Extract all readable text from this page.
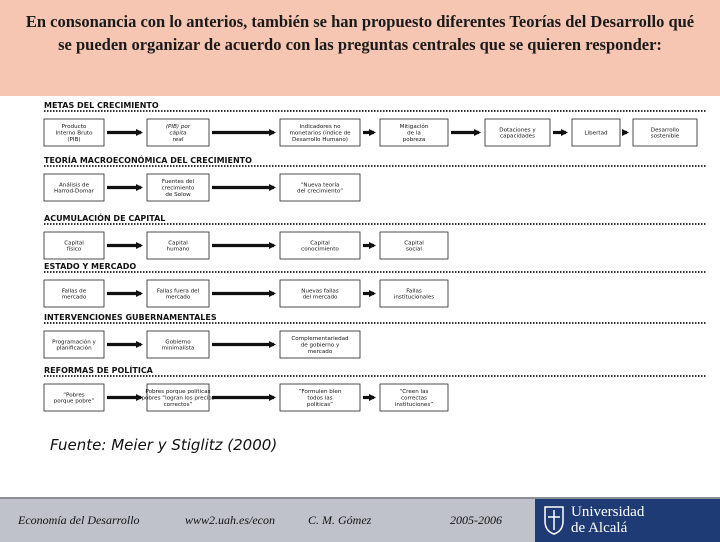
En consonancia con lo anterios, también se han propuesto diferentes Teorías del Desarrollo qué se pueden organizar de acuerdo con las preguntas centrales que se quieren responder:
METAS DEL CRECIMIENTO
Producto Interno Bruto (PIB)
(PIB) por cápita real
Indicadores no monetarios (índice de Desarrollo Humano)
Mitigación de la pobreza
Dotaciones y capacidades
Libertad
Desarrollo sostenible
TEORÍA MACROECONÓMICA DEL CRECIMIENTO
Análisis de Harrod-Domar
Fuentes del crecimiento de Solow
“Nueva teoría del crecimiento”
ACUMULACIÓN DE CAPITAL
Capital físico
Capital humano
Capital conocimiento
Capital social
ESTADO Y MERCADO
Fallas de mercado
Fallas fuera del mercado
Nuevas fallas del mercado
Fallas institucionales
INTERVENCIONES GUBERNAMENTALES
Programación y planificación
Gobierno minimalista
Complementariedad de gobierno y mercado
REFORMAS DE POLÍTICA
“Pobres porque pobre”
Pobres porque políticas pobres “logran los precios correctos”
“Formulen bien todos las políticas”
“Creen las correctas instituciones”
Fuente: Meier y Stiglitz (2000)
Economía del Desarrollo	www2.uah.es/econ	C. M. Gómez	2005-2006	Universidad
de Alcalá
